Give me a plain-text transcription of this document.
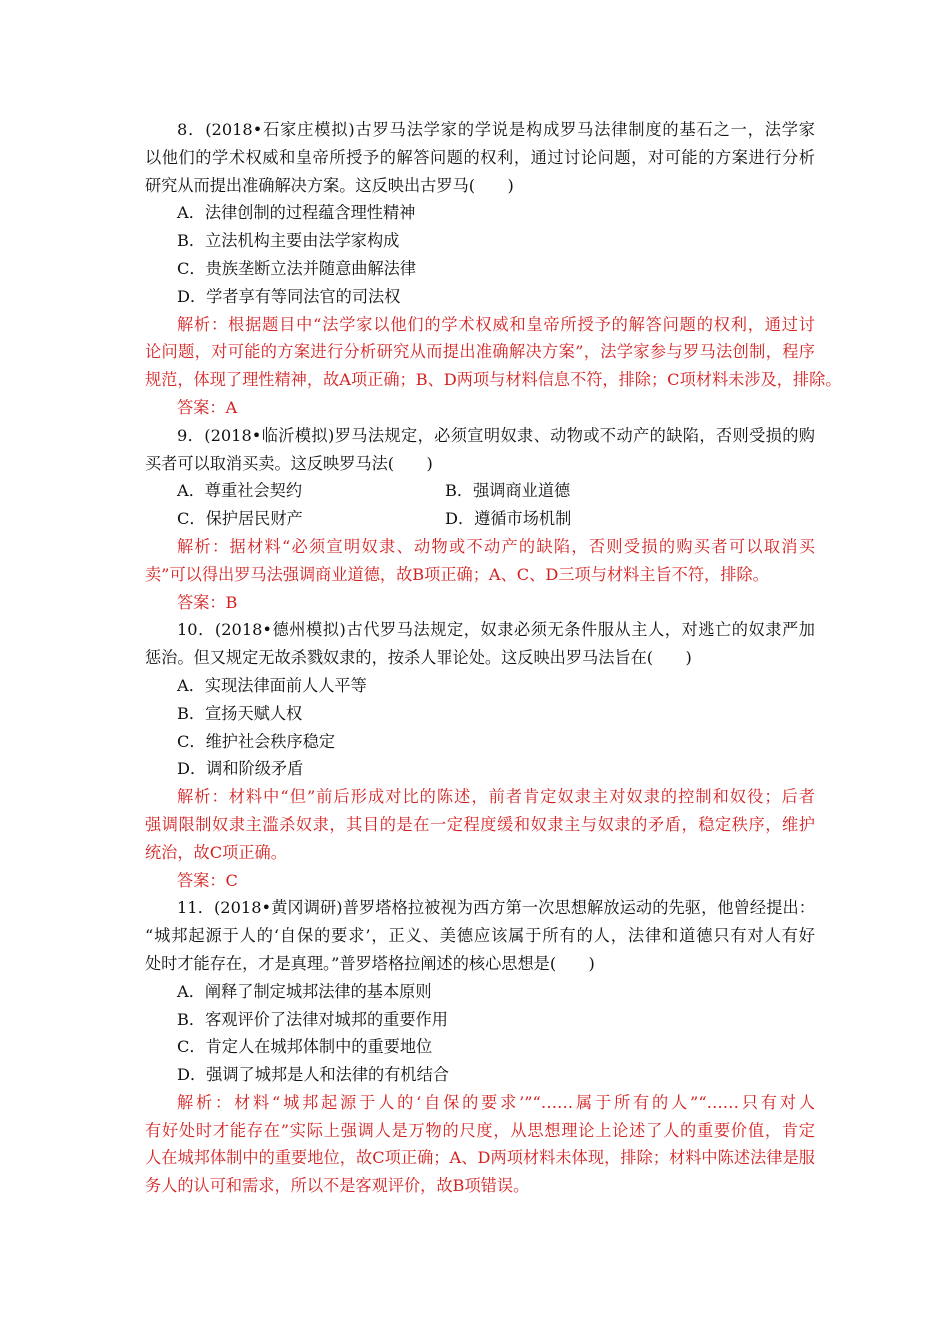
8．(2018•石家庄模拟)古罗马法学家的学说是构成罗马法律制度的基石之一，法学家
以他们的学术权威和皇帝所授予的解答问题的权利，通过讨论问题，对可能的方案进行分析
研究从而提出准确解决方案。这反映出古罗马(　　)
A．法律创制的过程蕴含理性精神
B．立法机构主要由法学家构成
C．贵族垄断立法并随意曲解法律
D．学者享有等同法官的司法权
解析：根据题目中“法学家以他们的学术权威和皇帝所授予的解答问题的权利，通过讨
论问题，对可能的方案进行分析研究从而提出准确解决方案”，法学家参与罗马法创制，程序
规范，体现了理性精神，故A项正确；B、D两项与材料信息不符，排除；C项材料未涉及，排除。
答案：A
9．(2018•临沂模拟)罗马法规定，必须宣明奴隶、动物或不动产的缺陷，否则受损的购
买者可以取消买卖。这反映罗马法(　　)
A．尊重社会契约	B．强调商业道德
C．保护居民财产	D．遵循市场机制
解析：据材料“必须宣明奴隶、动物或不动产的缺陷，否则受损的购买者可以取消买
卖”可以得出罗马法强调商业道德，故B项正确；A、C、D三项与材料主旨不符，排除。
答案：B
10．(2018•德州模拟)古代罗马法规定，奴隶必须无条件服从主人，对逃亡的奴隶严加
惩治。但又规定无故杀戮奴隶的，按杀人罪论处。这反映出罗马法旨在(　　)
A．实现法律面前人人平等
B．宣扬天赋人权
C．维护社会秩序稳定
D．调和阶级矛盾
解析：材料中“但”前后形成对比的陈述，前者肯定奴隶主对奴隶的控制和奴役；后者
强调限制奴隶主滥杀奴隶，其目的是在一定程度缓和奴隶主与奴隶的矛盾，稳定秩序，维护
统治，故C项正确。
答案：C
11．(2018•黄冈调研)普罗塔格拉被视为西方第一次思想解放运动的先驱，他曾经提出：
“城邦起源于人的‘自保的要求’，正义、美德应该属于所有的人，法律和道德只有对人有好
处时才能存在，才是真理。”普罗塔格拉阐述的核心思想是(　　)
A．阐释了制定城邦法律的基本原则
B．客观评价了法律对城邦的重要作用
C．肯定人在城邦体制中的重要地位
D．强调了城邦是人和法律的有机结合
解析：材料“城邦起源于人的‘自保的要求’”“……属于所有的人”“……只有对人
有好处时才能存在”实际上强调人是万物的尺度，从思想理论上论述了人的重要价值，肯定
人在城邦体制中的重要地位，故C项正确；A、D两项材料未体现，排除；材料中陈述法律是服
务人的认可和需求，所以不是客观评价，故B项错误。
